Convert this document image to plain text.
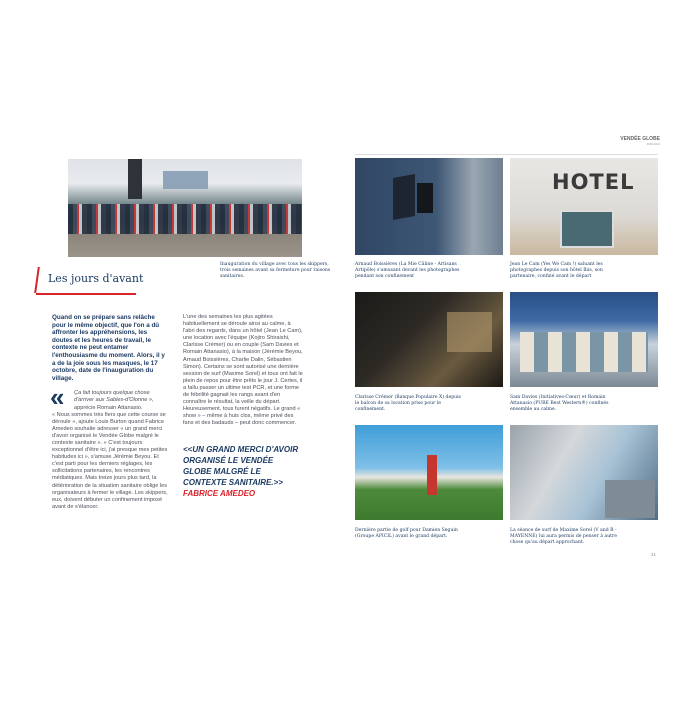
VENDÉE GLOBE
2020-2021
Inauguration du village avec tous les skippers, trois semaines avant sa fermeture pour raisons sanitaires.
Les jours d'avant
Quand on se prépare sans relâche pour le même objectif, que l'on a dû affronter les appréhensions, les doutes et les heures de travail, le contexte ne peut entamer l'enthousiasme du moment. Alors, il y a de la joie sous les masques, le 17 octobre, date de l'inauguration du village.
«	Ça fait toujours quelque chose d'arriver aux Sables-d'Olonne », apprécie Romain Attanasio.
« Nous sommes très fiers que cette course se déroule », ajoute Louis Burton quand Fabrice Amedeo souhaite adresser « un grand merci d'avoir organisé le Vendée Globe malgré le contexte sanitaire ». « C'est toujours exceptionnel d'être ici, j'ai presque mes petites habitudes ici », s'amuse Jérémie Beyou. Et c'est parti pour les derniers réglages, les sollicitations partenaires, les rencontres médiatiques. Mais treize jours plus tard, la détérioration de la situation sanitaire oblige les organisateurs à fermer le village. Les skippers, eux, doivent débuter un confinement imposé avant de s'élancer.
L'une des semaines les plus agitées habituellement se déroule ainsi au calme, à l'abri des regards, dans un hôtel (Jean Le Cam), une location avec l'équipe (Kojiro Shiraishi, Clarisse Crémer) ou en couple (Sam Davies et Romain Attanasio), à la maison (Jérémie Beyou, Arnaud Boissières, Charlie Dalin, Sébastien Simon). Certains se sont autorisé une dernière session de surf (Maxime Sorel) et tous ont fait le plein de repos pour être prêts le jour J. Certes, il a fallu passer un ultime test PCR, et une forme de fébrilité gagnait les rangs avant d'en connaître le résultat, la veille du départ. Heureusement, tous furent négatifs. Le grand « show » – même à huis clos, même privé des fans et des badauds – peut donc commencer.
<<UN GRAND MERCI D'AVOIR ORGANISÉ LE VENDÉE GLOBE MALGRÉ LE CONTEXTE SANITAIRE.>>
FABRICE AMEDEO
HOTEL
Arnaud Boissières (La Mie Câline - Artisans Artipôle) s'amusant devant les photographes pendant son confinement
Jean Le Cam (Yes We Cam !) saluant les photographes depuis son hôtel Ibis, son partenaire, confiné avant le départ
Clarisse Crémer (Banque Populaire X) depuis le balcon de sa location prise pour le confinement.
Sam Davies (Initiatives-Cœur) et Romain Attanasio (PURE Best Western®) confinés ensemble au calme.
Dernière partie de golf pour Damien Seguin (Groupe APICIL) avant le grand départ.
La séance de surf de Maxime Sorel (V and B - MAYENNE) lui aura permis de penser à autre chose qu'au départ approchant.
21
